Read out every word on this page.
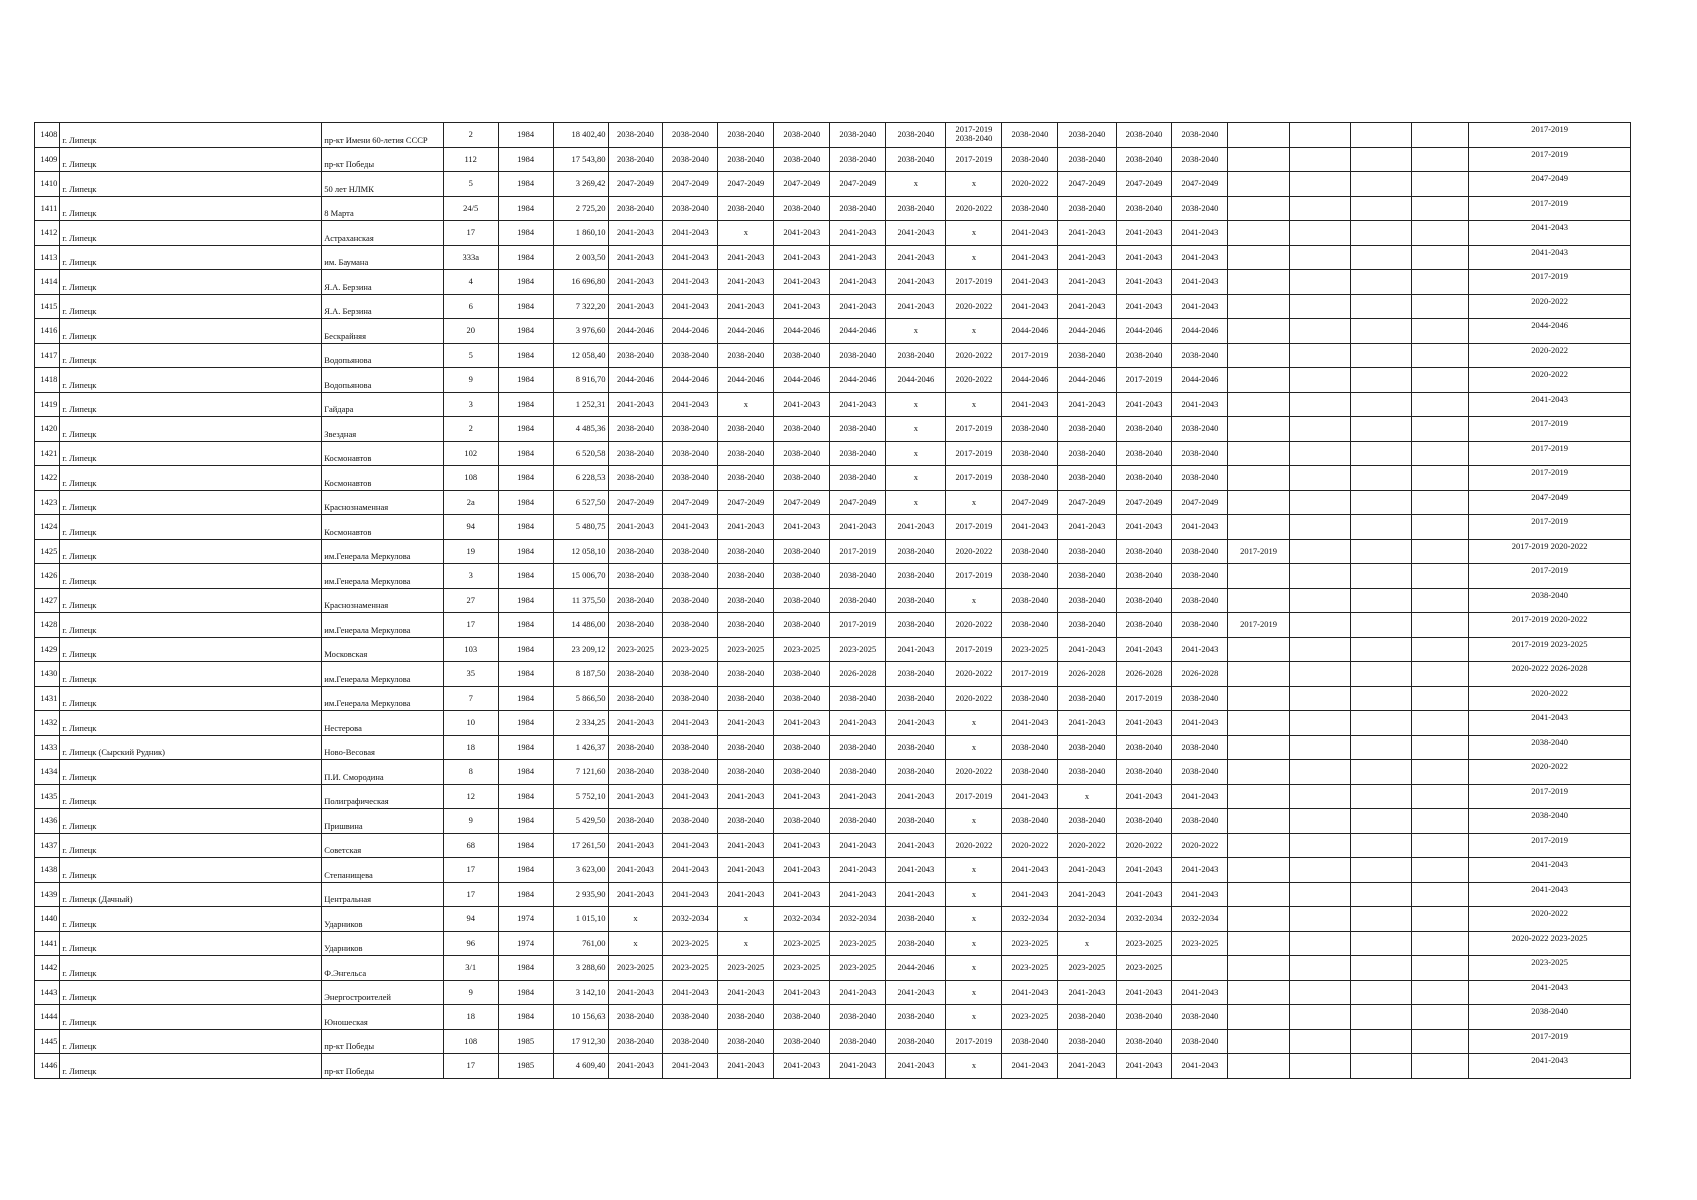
1408	г. Липецк	пр-кт Имени 60-летия СССР	2	1984	18 402,40	2038-2040	2038-2040	2038-2040	2038-2040	2038-2040	2038-2040	2017-2019 2038-2040	2038-2040	2038-2040	2038-2040	2038-2040					2017-2019
1409	г. Липецк	пр-кт Победы	112	1984	17 543,80	2038-2040	2038-2040	2038-2040	2038-2040	2038-2040	2038-2040	2017-2019	2038-2040	2038-2040	2038-2040	2038-2040					2017-2019
1410	г. Липецк	50 лет НЛМК	5	1984	3 269,42	2047-2049	2047-2049	2047-2049	2047-2049	2047-2049	x	x	2020-2022	2047-2049	2047-2049	2047-2049					2047-2049
1411	г. Липецк	8 Марта	24/5	1984	2 725,20	2038-2040	2038-2040	2038-2040	2038-2040	2038-2040	2038-2040	2020-2022	2038-2040	2038-2040	2038-2040	2038-2040					2017-2019
1412	г. Липецк	Астраханская	17	1984	1 860,10	2041-2043	2041-2043	x	2041-2043	2041-2043	2041-2043	x	2041-2043	2041-2043	2041-2043	2041-2043					2041-2043
1413	г. Липецк	им. Баумана	333а	1984	2 003,50	2041-2043	2041-2043	2041-2043	2041-2043	2041-2043	2041-2043	x	2041-2043	2041-2043	2041-2043	2041-2043					2041-2043
1414	г. Липецк	Я.А. Берзина	4	1984	16 696,80	2041-2043	2041-2043	2041-2043	2041-2043	2041-2043	2041-2043	2017-2019	2041-2043	2041-2043	2041-2043	2041-2043					2017-2019
1415	г. Липецк	Я.А. Берзина	6	1984	7 322,20	2041-2043	2041-2043	2041-2043	2041-2043	2041-2043	2041-2043	2020-2022	2041-2043	2041-2043	2041-2043	2041-2043					2020-2022
1416	г. Липецк	Бескрайняя	20	1984	3 976,60	2044-2046	2044-2046	2044-2046	2044-2046	2044-2046	x	x	2044-2046	2044-2046	2044-2046	2044-2046					2044-2046
1417	г. Липецк	Водопьянова	5	1984	12 058,40	2038-2040	2038-2040	2038-2040	2038-2040	2038-2040	2038-2040	2020-2022	2017-2019	2038-2040	2038-2040	2038-2040					2020-2022
1418	г. Липецк	Водопьянова	9	1984	8 916,70	2044-2046	2044-2046	2044-2046	2044-2046	2044-2046	2044-2046	2020-2022	2044-2046	2044-2046	2017-2019	2044-2046					2020-2022
1419	г. Липецк	Гайдара	3	1984	1 252,31	2041-2043	2041-2043	x	2041-2043	2041-2043	x	x	2041-2043	2041-2043	2041-2043	2041-2043					2041-2043
1420	г. Липецк	Звездная	2	1984	4 485,36	2038-2040	2038-2040	2038-2040	2038-2040	2038-2040	x	2017-2019	2038-2040	2038-2040	2038-2040	2038-2040					2017-2019
1421	г. Липецк	Космонавтов	102	1984	6 520,58	2038-2040	2038-2040	2038-2040	2038-2040	2038-2040	x	2017-2019	2038-2040	2038-2040	2038-2040	2038-2040					2017-2019
1422	г. Липецк	Космонавтов	108	1984	6 228,53	2038-2040	2038-2040	2038-2040	2038-2040	2038-2040	x	2017-2019	2038-2040	2038-2040	2038-2040	2038-2040					2017-2019
1423	г. Липецк	Краснознаменная	2а	1984	6 527,50	2047-2049	2047-2049	2047-2049	2047-2049	2047-2049	x	x	2047-2049	2047-2049	2047-2049	2047-2049					2047-2049
1424	г. Липецк	Космонавтов	94	1984	5 480,75	2041-2043	2041-2043	2041-2043	2041-2043	2041-2043	2041-2043	2017-2019	2041-2043	2041-2043	2041-2043	2041-2043					2017-2019
1425	г. Липецк	им.Генерала Меркулова	19	1984	12 058,10	2038-2040	2038-2040	2038-2040	2038-2040	2017-2019	2038-2040	2020-2022	2038-2040	2038-2040	2038-2040	2038-2040	2017-2019				2017-2019 2020-2022
1426	г. Липецк	им.Генерала Меркулова	3	1984	15 006,70	2038-2040	2038-2040	2038-2040	2038-2040	2038-2040	2038-2040	2017-2019	2038-2040	2038-2040	2038-2040	2038-2040					2017-2019
1427	г. Липецк	Краснознаменная	27	1984	11 375,50	2038-2040	2038-2040	2038-2040	2038-2040	2038-2040	2038-2040	x	2038-2040	2038-2040	2038-2040	2038-2040					2038-2040
1428	г. Липецк	им.Генерала Меркулова	17	1984	14 486,00	2038-2040	2038-2040	2038-2040	2038-2040	2017-2019	2038-2040	2020-2022	2038-2040	2038-2040	2038-2040	2038-2040	2017-2019				2017-2019 2020-2022
1429	г. Липецк	Московская	103	1984	23 209,12	2023-2025	2023-2025	2023-2025	2023-2025	2023-2025	2041-2043	2017-2019	2023-2025	2041-2043	2041-2043	2041-2043					2017-2019 2023-2025
1430	г. Липецк	им.Генерала Меркулова	35	1984	8 187,50	2038-2040	2038-2040	2038-2040	2038-2040	2026-2028	2038-2040	2020-2022	2017-2019	2026-2028	2026-2028	2026-2028					2020-2022 2026-2028
1431	г. Липецк	им.Генерала Меркулова	7	1984	5 866,50	2038-2040	2038-2040	2038-2040	2038-2040	2038-2040	2038-2040	2020-2022	2038-2040	2038-2040	2017-2019	2038-2040					2020-2022
1432	г. Липецк	Нестерова	10	1984	2 334,25	2041-2043	2041-2043	2041-2043	2041-2043	2041-2043	2041-2043	x	2041-2043	2041-2043	2041-2043	2041-2043					2041-2043
1433	г. Липецк (Сырский Рудник)	Ново-Весовая	18	1984	1 426,37	2038-2040	2038-2040	2038-2040	2038-2040	2038-2040	2038-2040	x	2038-2040	2038-2040	2038-2040	2038-2040					2038-2040
1434	г. Липецк	П.И. Смородина	8	1984	7 121,60	2038-2040	2038-2040	2038-2040	2038-2040	2038-2040	2038-2040	2020-2022	2038-2040	2038-2040	2038-2040	2038-2040					2020-2022
1435	г. Липецк	Полиграфическая	12	1984	5 752,10	2041-2043	2041-2043	2041-2043	2041-2043	2041-2043	2041-2043	2017-2019	2041-2043	x	2041-2043	2041-2043					2017-2019
1436	г. Липецк	Пришвина	9	1984	5 429,50	2038-2040	2038-2040	2038-2040	2038-2040	2038-2040	2038-2040	x	2038-2040	2038-2040	2038-2040	2038-2040					2038-2040
1437	г. Липецк	Советская	68	1984	17 261,50	2041-2043	2041-2043	2041-2043	2041-2043	2041-2043	2041-2043	2020-2022	2020-2022	2020-2022	2020-2022	2020-2022					2017-2019
1438	г. Липецк	Степанищева	17	1984	3 623,00	2041-2043	2041-2043	2041-2043	2041-2043	2041-2043	2041-2043	x	2041-2043	2041-2043	2041-2043	2041-2043					2041-2043
1439	г. Липецк (Дачный)	Центральная	17	1984	2 935,90	2041-2043	2041-2043	2041-2043	2041-2043	2041-2043	2041-2043	x	2041-2043	2041-2043	2041-2043	2041-2043					2041-2043
1440	г. Липецк	Ударников	94	1974	1 015,10	x	2032-2034	x	2032-2034	2032-2034	2038-2040	x	2032-2034	2032-2034	2032-2034	2032-2034					2020-2022
1441	г. Липецк	Ударников	96	1974	761,00	x	2023-2025	x	2023-2025	2023-2025	2038-2040	x	2023-2025	x	2023-2025	2023-2025					2020-2022 2023-2025
1442	г. Липецк	Ф.Энгельса	3/1	1984	3 288,60	2023-2025	2023-2025	2023-2025	2023-2025	2023-2025	2044-2046	x	2023-2025	2023-2025	2023-2025						2023-2025
1443	г. Липецк	Энергостроителей	9	1984	3 142,10	2041-2043	2041-2043	2041-2043	2041-2043	2041-2043	2041-2043	x	2041-2043	2041-2043	2041-2043	2041-2043					2041-2043
1444	г. Липецк	Юношеская	18	1984	10 156,63	2038-2040	2038-2040	2038-2040	2038-2040	2038-2040	2038-2040	x	2023-2025	2038-2040	2038-2040	2038-2040					2038-2040
1445	г. Липецк	пр-кт Победы	108	1985	17 912,30	2038-2040	2038-2040	2038-2040	2038-2040	2038-2040	2038-2040	2017-2019	2038-2040	2038-2040	2038-2040	2038-2040					2017-2019
1446	г. Липецк	пр-кт Победы	17	1985	4 609,40	2041-2043	2041-2043	2041-2043	2041-2043	2041-2043	2041-2043	x	2041-2043	2041-2043	2041-2043	2041-2043					2041-2043
